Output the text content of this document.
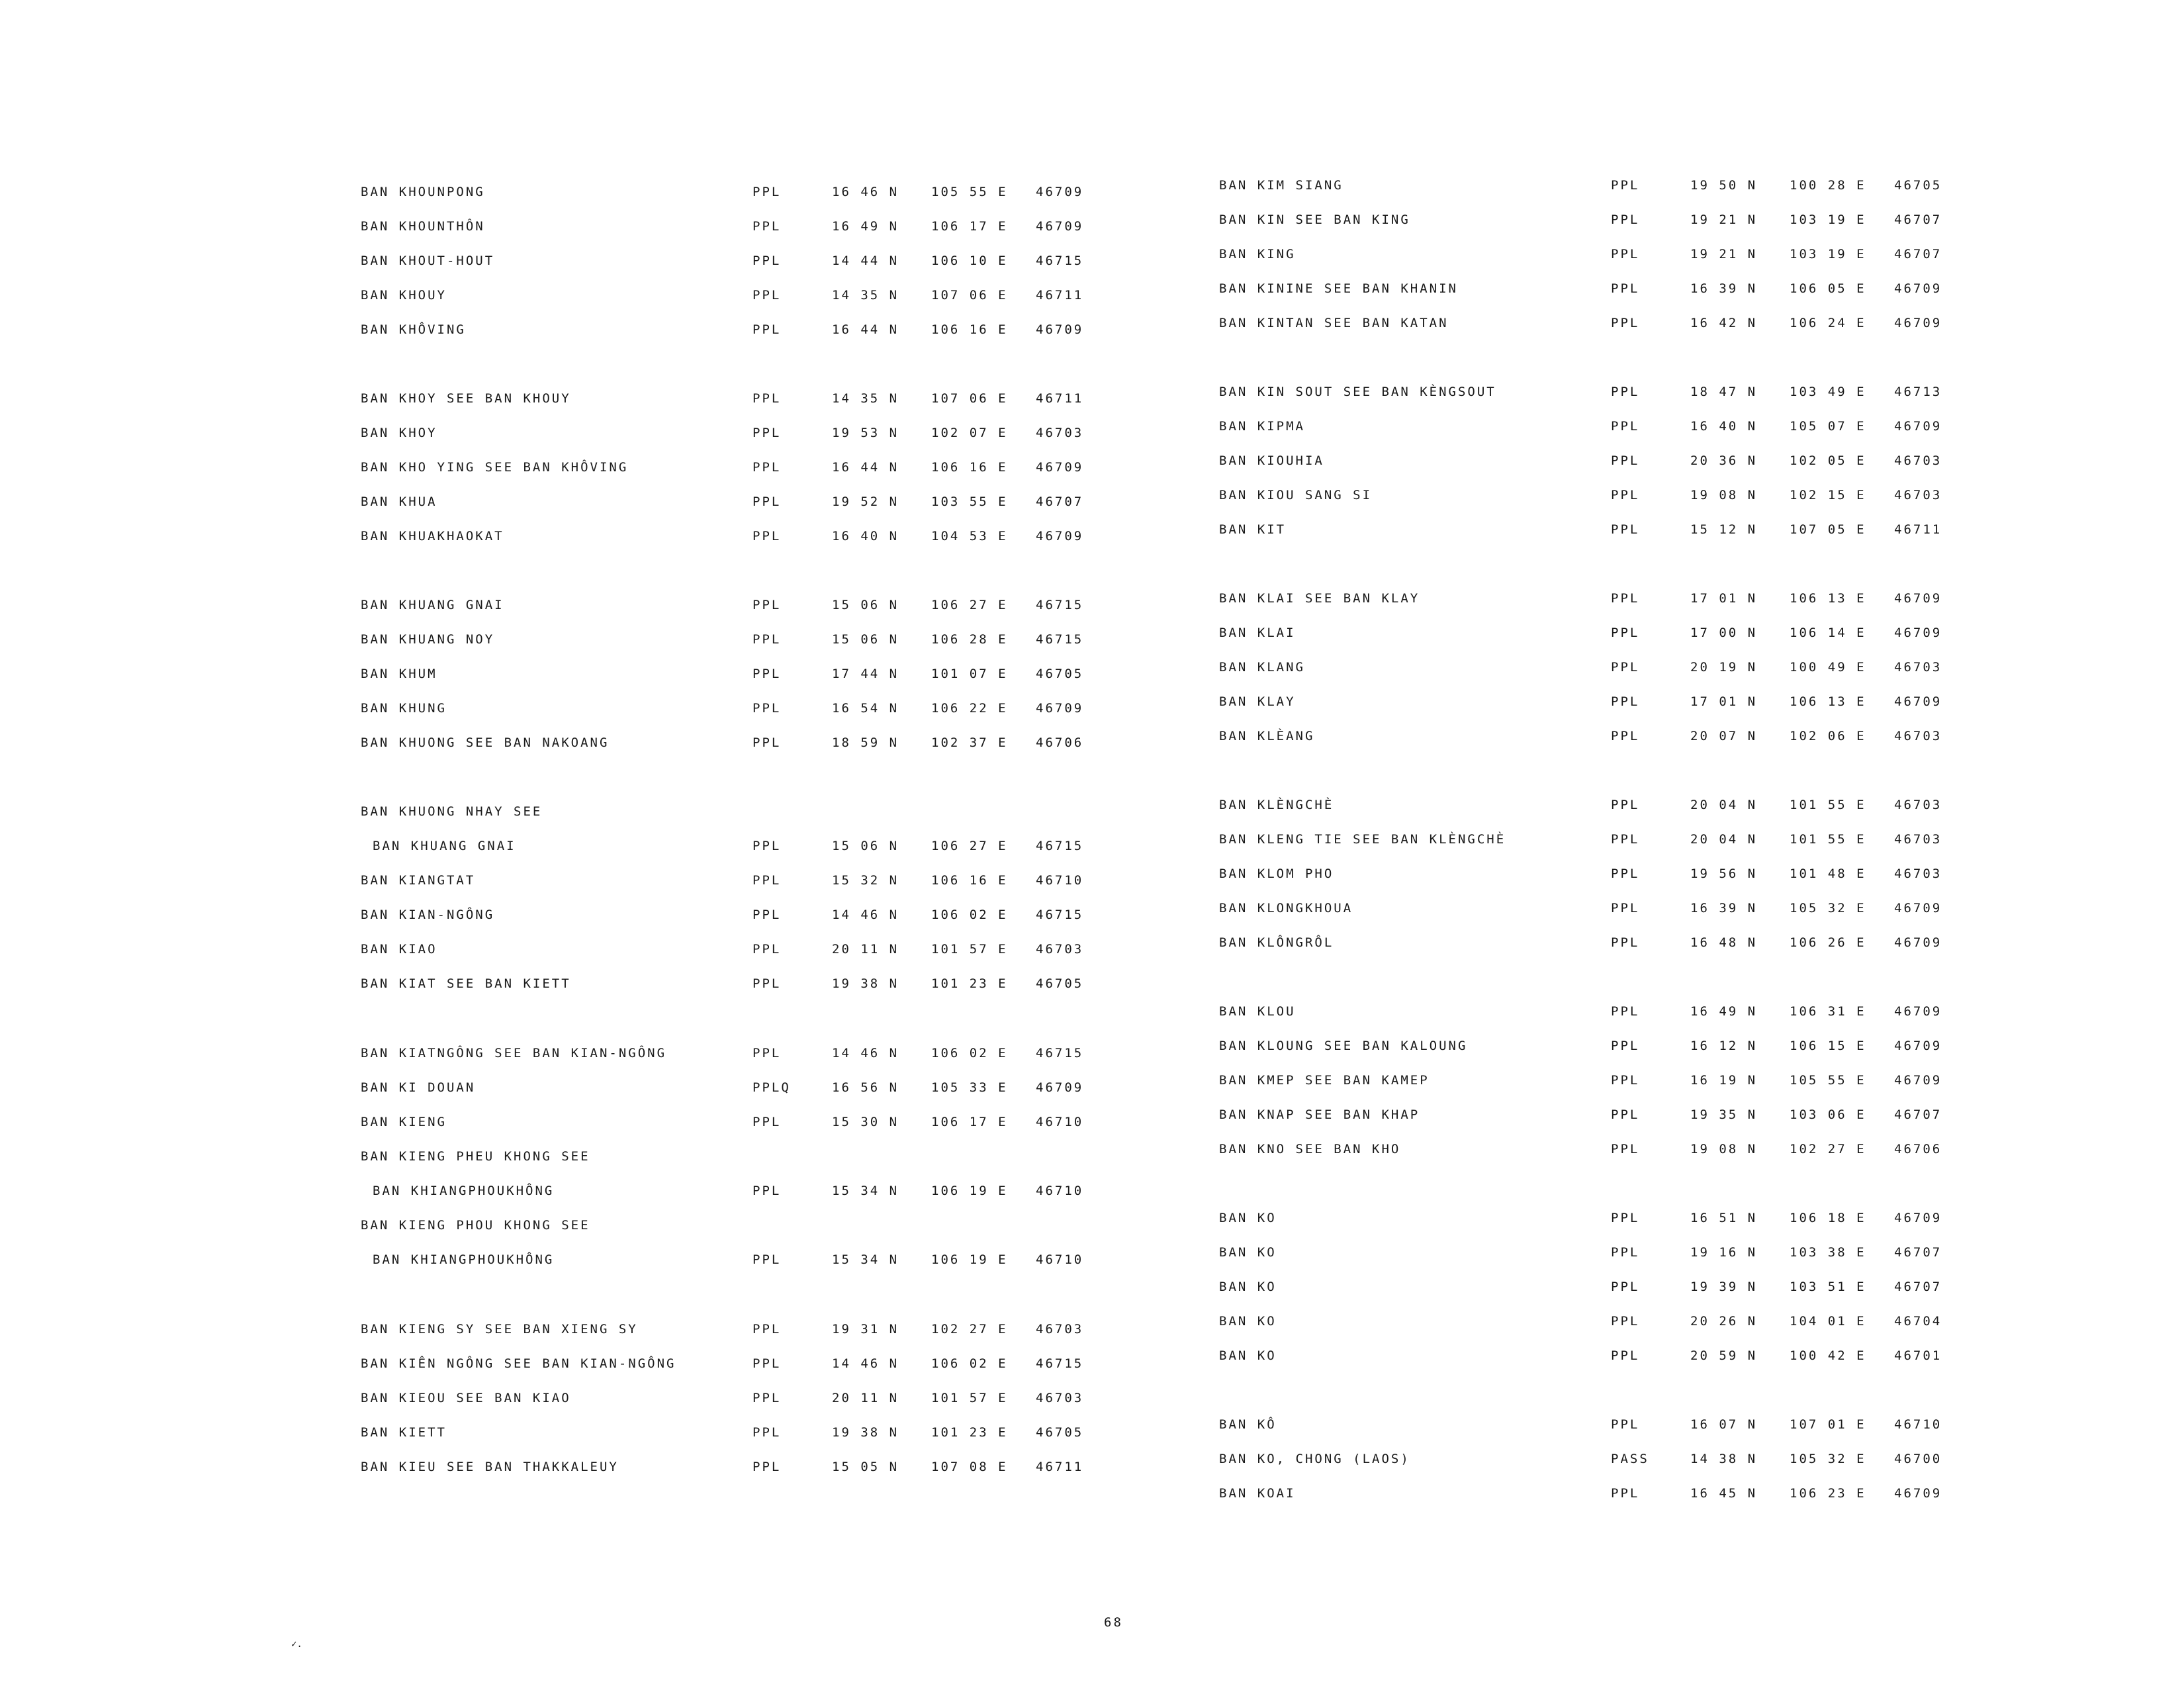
BAN KHOUNPONG	PPL	16 46 N	105 55 E 46709
BAN KHOUNTHÔN	PPL	16 49 N	106 17 E 46709
BAN KHOUT-HOUT	PPL	14 44 N	106 10 E 46715
BAN KHOUY	PPL	14 35 N	107 06 E 46711
BAN KHÔVING	PPL	16 44 N	106 16 E 46709
BAN KHOY SEE BAN KHOUY	PPL	14 35 N	107 06 E 46711
BAN KHOY	PPL	19 53 N	102 07 E 46703
BAN KHO YING SEE BAN KHÔVING	PPL	16 44 N	106 16 E 46709
BAN KHUA	PPL	19 52 N	103 55 E 46707
BAN KHUAKHAOKAT	PPL	16 40 N	104 53 E 46709
BAN KHUANG GNAI	PPL	15 06 N	106 27 E 46715
BAN KHUANG NOY	PPL	15 06 N	106 28 E 46715
BAN KHUM	PPL	17 44 N	101 07 E 46705
BAN KHUNG	PPL	16 54 N	106 22 E 46709
BAN KHUONG SEE BAN NAKOANG	PPL	18 59 N	102 37 E 46706
BAN KHUONG NHAY SEE
BAN KHUANG GNAI	PPL	15 06 N	106 27 E 46715
BAN KIANGTAT	PPL	15 32 N	106 16 E 46710
BAN KIAN-NGÔNG	PPL	14 46 N	106 02 E 46715
BAN KIAO	PPL	20 11 N	101 57 E 46703
BAN KIAT SEE BAN KIETT	PPL	19 38 N	101 23 E 46705
BAN KIATNGÔNG SEE BAN KIAN-NGÔNG	PPL	14 46 N	106 02 E 46715
BAN KI DOUAN	PPLQ	16 56 N	105 33 E 46709
BAN KIENG	PPL	15 30 N	106 17 E 46710
BAN KIENG PHEU KHONG SEE
BAN KHIANGPHOUKHÔNG	PPL	15 34 N	106 19 E 46710
BAN KIENG PHOU KHONG SEE
BAN KHIANGPHOUKHÔNG	PPL	15 34 N	106 19 E 46710
BAN KIENG SY SEE BAN XIENG SY	PPL	19 31 N	102 27 E 46703
BAN KIÊN NGÔNG SEE BAN KIAN-NGÔNG	PPL	14 46 N	106 02 E 46715
BAN KIEOU SEE BAN KIAO	PPL	20 11 N	101 57 E 46703
BAN KIETT	PPL	19 38 N	101 23 E 46705
BAN KIEU SEE BAN THAKKALEUY	PPL	15 05 N	107 08 E 46711
BAN KIM SIANG	PPL	19 50 N	100 28 E 46705
BAN KIN SEE BAN KING	PPL	19 21 N	103 19 E 46707
BAN KING	PPL	19 21 N	103 19 E 46707
BAN KININE SEE BAN KHANIN	PPL	16 39 N	106 05 E 46709
BAN KINTAN SEE BAN KATAN	PPL	16 42 N	106 24 E 46709
BAN KIN SOUT SEE BAN KÈNGSOUT	PPL	18 47 N	103 49 E 46713
BAN KIPMA	PPL	16 40 N	105 07 E 46709
BAN KIOUHIA	PPL	20 36 N	102 05 E 46703
BAN KIOU SANG SI	PPL	19 08 N	102 15 E 46703
BAN KIT	PPL	15 12 N	107 05 E 46711
BAN KLAI SEE BAN KLAY	PPL	17 01 N	106 13 E 46709
BAN KLAI	PPL	17 00 N	106 14 E 46709
BAN KLANG	PPL	20 19 N	100 49 E 46703
BAN KLAY	PPL	17 01 N	106 13 E 46709
BAN KLÈANG	PPL	20 07 N	102 06 E 46703
BAN KLÈNGCHÈ	PPL	20 04 N	101 55 E 46703
BAN KLENG TIE SEE BAN KLÈNGCHÈ	PPL	20 04 N	101 55 E 46703
BAN KLOM PHO	PPL	19 56 N	101 48 E 46703
BAN KLONGKHOUA	PPL	16 39 N	105 32 E 46709
BAN KLÔNGRÔL	PPL	16 48 N	106 26 E 46709
BAN KLOU	PPL	16 49 N	106 31 E 46709
BAN KLOUNG SEE BAN KALOUNG	PPL	16 12 N	106 15 E 46709
BAN KMEP SEE BAN KAMEP	PPL	16 19 N	105 55 E 46709
BAN KNAP SEE BAN KHAP	PPL	19 35 N	103 06 E 46707
BAN KNO SEE BAN KHO	PPL	19 08 N	102 27 E 46706
BAN KO	PPL	16 51 N	106 18 E 46709
BAN KO	PPL	19 16 N	103 38 E 46707
BAN KO	PPL	19 39 N	103 51 E 46707
BAN KO	PPL	20 26 N	104 01 E 46704
BAN KO	PPL	20 59 N	100 42 E 46701
BAN KÔ	PPL	16 07 N	107 01 E 46710
BAN KO, CHONG (LAOS)	PASS	14 38 N	105 32 E 46700
BAN KOAI	PPL	16 45 N	106 23 E 46709
68
✓.
